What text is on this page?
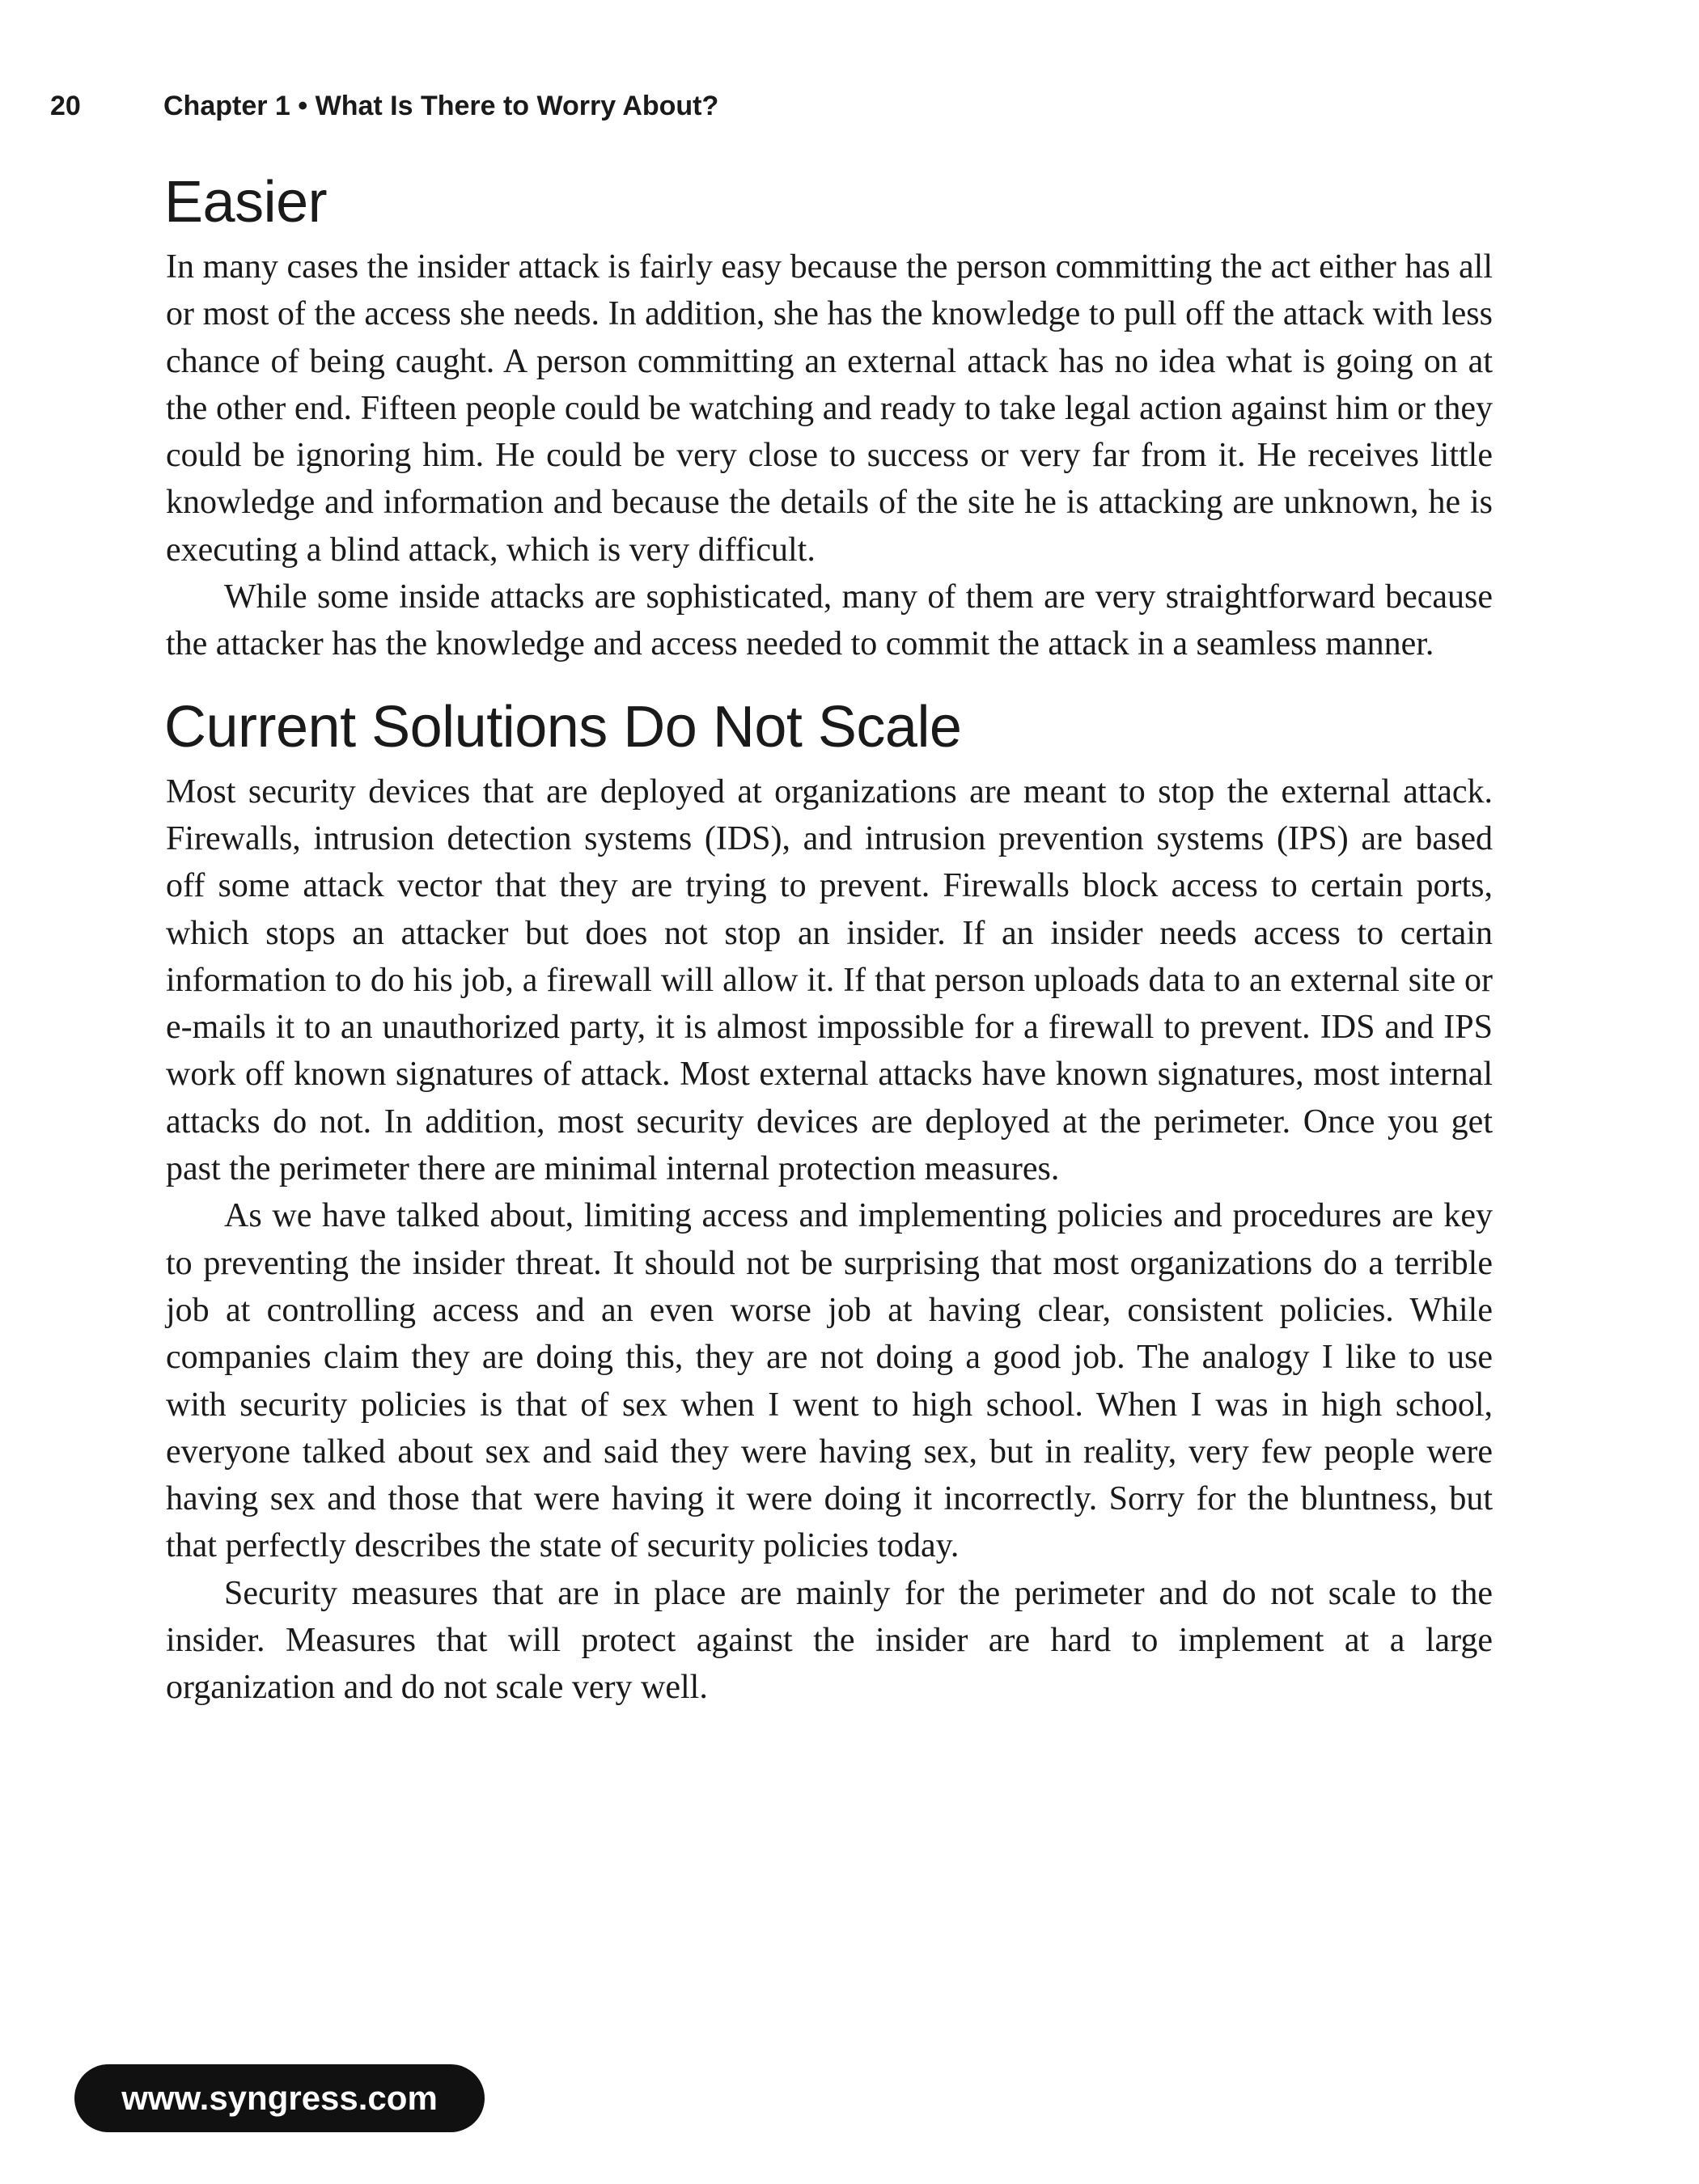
20	Chapter 1 • What Is There to Worry About?
Easier

In many cases the insider attack is fairly easy because the person committing the act either has all or most of the access she needs. In addition, she has the knowledge to pull off the attack with less chance of being caught. A person committing an external attack has no idea what is going on at the other end. Fifteen people could be watching and ready to take legal action against him or they could be ignoring him. He could be very close to success or very far from it. He receives little knowledge and information and because the details of the site he is attacking are unknown, he is executing a blind attack, which is very difficult.

While some inside attacks are sophisticated, many of them are very straightforward because the attacker has the knowledge and access needed to commit the attack in a seamless manner.

Current Solutions Do Not Scale

Most security devices that are deployed at organizations are meant to stop the external attack. Firewalls, intrusion detection systems (IDS), and intrusion prevention systems (IPS) are based off some attack vector that they are trying to prevent. Firewalls block access to certain ports, which stops an attacker but does not stop an insider. If an insider needs access to certain information to do his job, a firewall will allow it. If that person uploads data to an external site or e-mails it to an unauthorized party, it is almost impossible for a firewall to prevent. IDS and IPS work off known signatures of attack. Most external attacks have known signatures, most internal attacks do not. In addition, most security devices are deployed at the perimeter. Once you get past the perimeter there are minimal internal protection measures.

As we have talked about, limiting access and implementing policies and procedures are key to preventing the insider threat. It should not be surprising that most organizations do a terrible job at controlling access and an even worse job at having clear, consistent policies. While companies claim they are doing this, they are not doing a good job. The analogy I like to use with security policies is that of sex when I went to high school. When I was in high school, everyone talked about sex and said they were having sex, but in reality, very few people were having sex and those that were having it were doing it incorrectly. Sorry for the bluntness, but that perfectly describes the state of security policies today.

Security measures that are in place are mainly for the perimeter and do not scale to the insider. Measures that will protect against the insider are hard to implement at a large organization and do not scale very well.

www.syngress.com
